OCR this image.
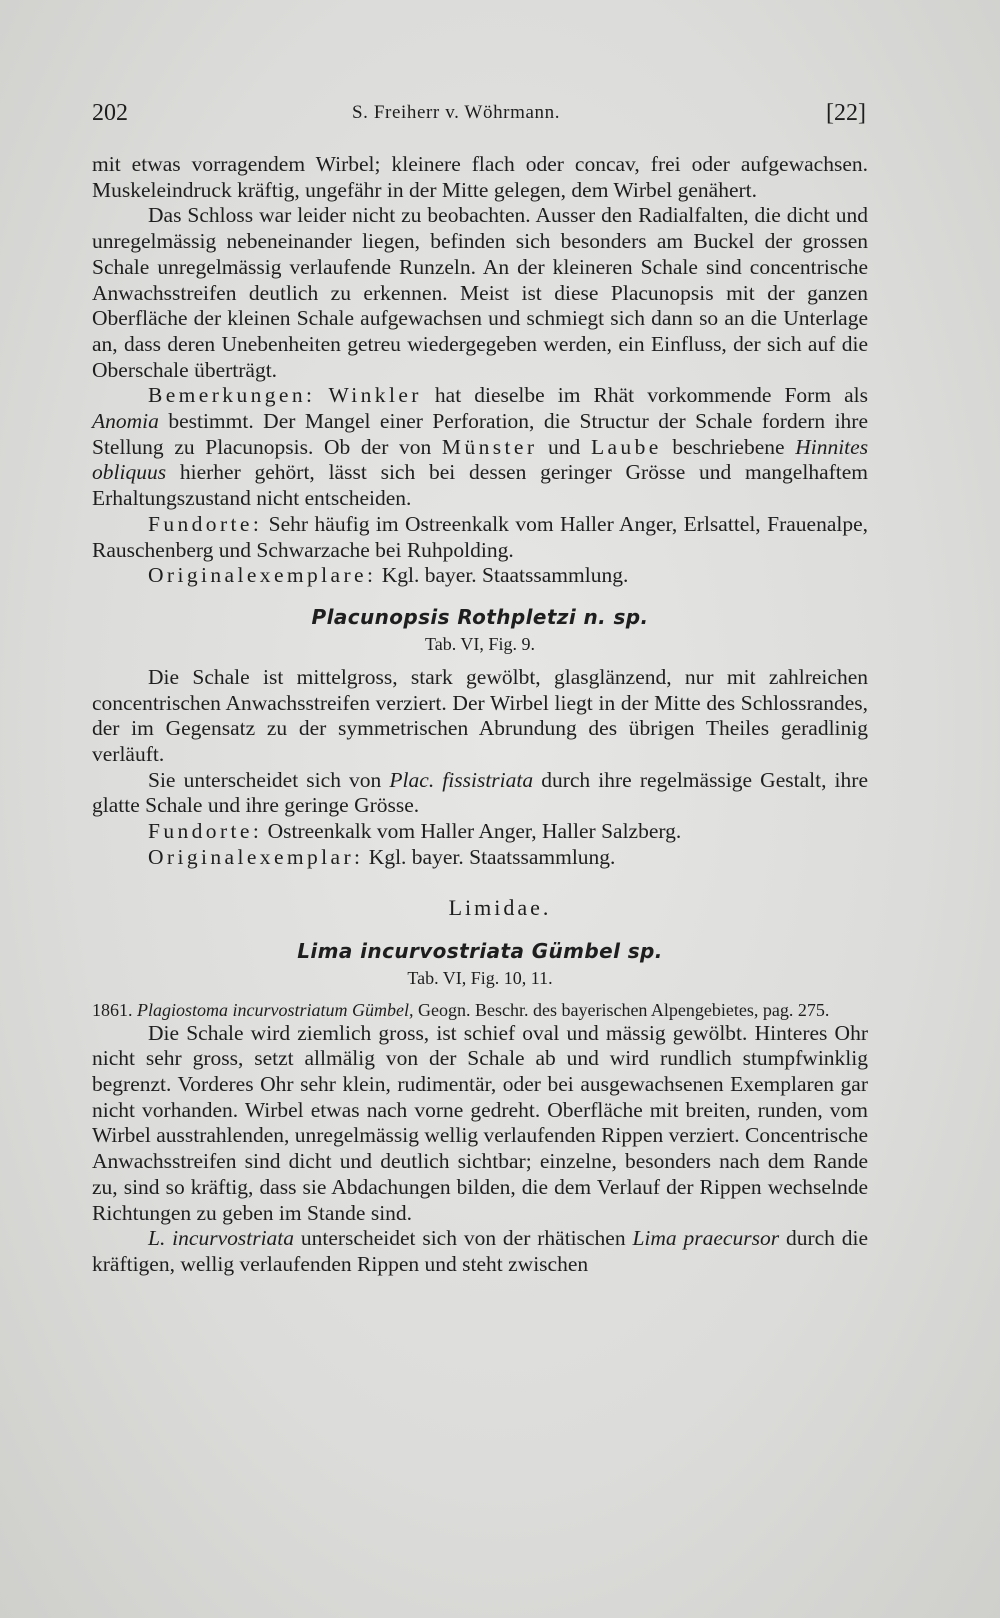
202	S. Freiherr v. Wöhrmann.	[22]

mit etwas vorragendem Wirbel; kleinere flach oder concav, frei oder aufgewachsen. Muskeleindruck kräftig, ungefähr in der Mitte gelegen, dem Wirbel genähert.

Das Schloss war leider nicht zu beobachten. Ausser den Radialfalten, die dicht und unregelmässig nebeneinander liegen, befinden sich besonders am Buckel der grossen Schale unregelmässig verlaufende Runzeln. An der kleineren Schale sind concentrische Anwachsstreifen deutlich zu erkennen. Meist ist diese Placunopsis mit der ganzen Oberfläche der kleinen Schale aufgewachsen und schmiegt sich dann so an die Unterlage an, dass deren Unebenheiten getreu wiedergegeben werden, ein Einfluss, der sich auf die Oberschale überträgt.

Bemerkungen: Winkler hat dieselbe im Rhät vorkommende Form als Anomia bestimmt. Der Mangel einer Perforation, die Structur der Schale fordern ihre Stellung zu Placunopsis. Ob der von Münster und Laube beschriebene Hinnites obliquus hierher gehört, lässt sich bei dessen geringer Grösse und mangelhaftem Erhaltungszustand nicht entscheiden.

Fundorte: Sehr häufig im Ostreenkalk vom Haller Anger, Erlsattel, Frauenalpe, Rauschenberg und Schwarzache bei Ruhpolding.

Originalexemplare: Kgl. bayer. Staatssammlung.

Placunopsis Rothpletzi n. sp.
Tab. VI, Fig. 9.

Die Schale ist mittelgross, stark gewölbt, glasglänzend, nur mit zahlreichen concentrischen Anwachsstreifen verziert. Der Wirbel liegt in der Mitte des Schlossrandes, der im Gegensatz zu der symmetrischen Abrundung des übrigen Theiles geradlinig verläuft.

Sie unterscheidet sich von Plac. fissistriata durch ihre regelmässige Gestalt, ihre glatte Schale und ihre geringe Grösse.

Fundorte: Ostreenkalk vom Haller Anger, Haller Salzberg.

Originalexemplar: Kgl. bayer. Staatssammlung.

Limidae.
Lima incurvostriata Gümbel sp.
Tab. VI, Fig. 10, 11.

1861. Plagiostoma incurvostriatum Gümbel, Geogn. Beschr. des bayerischen Alpengebietes, pag. 275.

Die Schale wird ziemlich gross, ist schief oval und mässig gewölbt. Hinteres Ohr nicht sehr gross, setzt allmälig von der Schale ab und wird rundlich stumpfwinklig begrenzt. Vorderes Ohr sehr klein, rudimentär, oder bei ausgewachsenen Exemplaren gar nicht vorhanden. Wirbel etwas nach vorne gedreht. Oberfläche mit breiten, runden, vom Wirbel ausstrahlenden, unregelmässig wellig verlaufenden Rippen verziert. Concentrische Anwachsstreifen sind dicht und deutlich sichtbar; einzelne, besonders nach dem Rande zu, sind so kräftig, dass sie Abdachungen bilden, die dem Verlauf der Rippen wechselnde Richtungen zu geben im Stande sind.

L. incurvostriata unterscheidet sich von der rhätischen Lima praecursor durch die kräftigen, wellig verlaufenden Rippen und steht zwischen
